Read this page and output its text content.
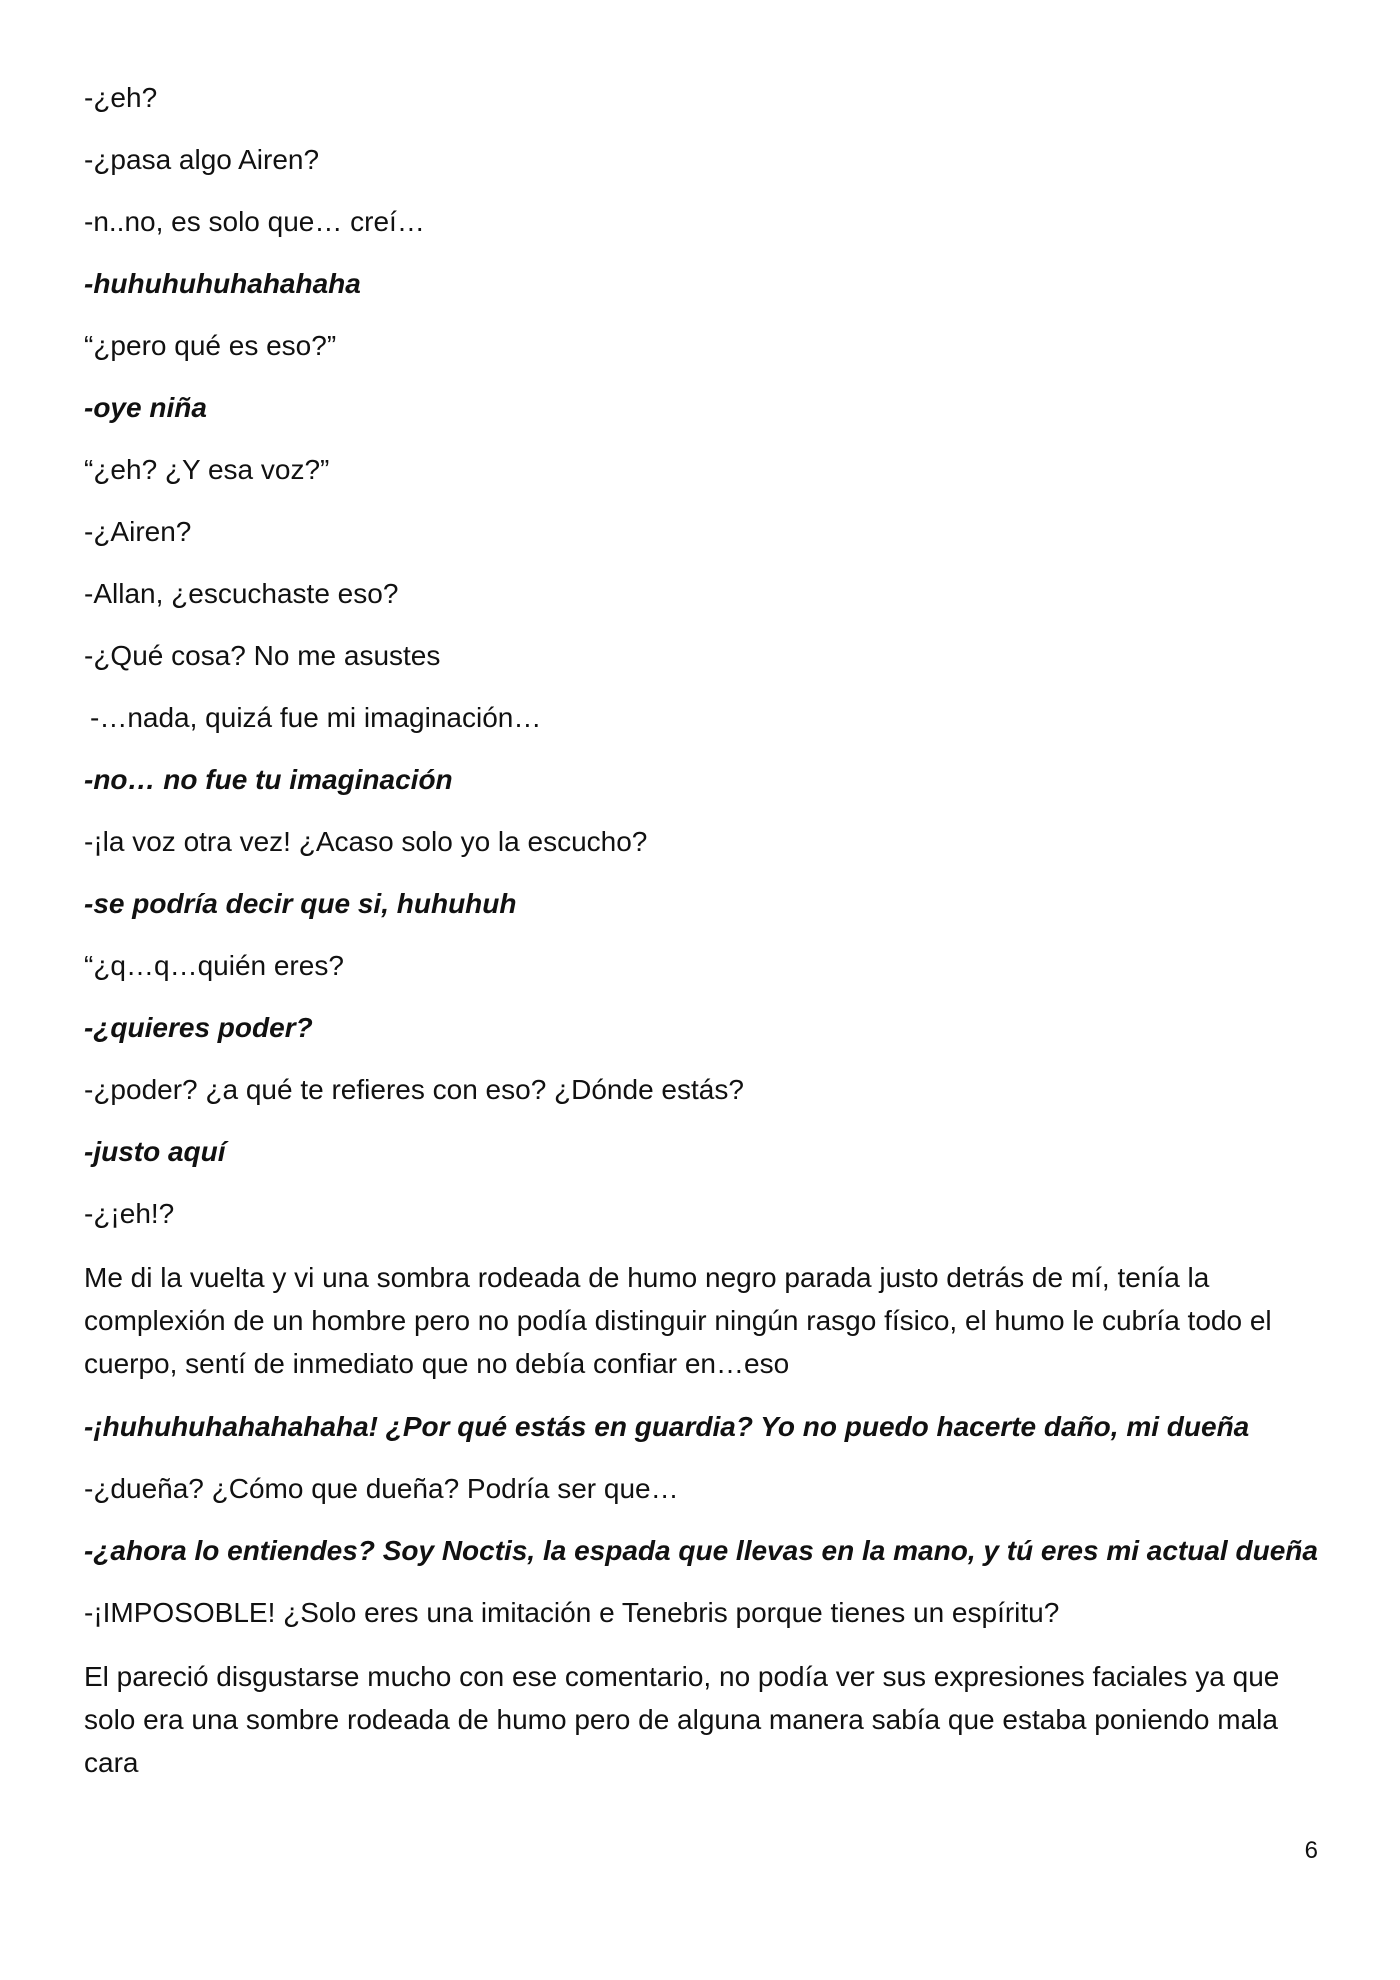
-¿eh?
-¿pasa algo Airen?
-n..no, es solo que… creí…
-huhuhuhuhahahaha
“¿pero qué es eso?”
-oye niña
“¿eh? ¿Y esa voz?”
-¿Airen?
-Allan, ¿escuchaste eso?
-¿Qué cosa? No me asustes
-…nada, quizá fue mi imaginación…
-no… no fue tu imaginación
-¡la voz otra vez! ¿Acaso solo yo la escucho?
-se podría decir que si, huhuhuh
“¿q…q…quién eres?
-¿quieres poder?
-¿poder? ¿a qué te refieres con eso? ¿Dónde estás?
-justo aquí
-¿¡eh!?
Me di la vuelta y vi una sombra rodeada de humo negro parada justo detrás de mí, tenía la complexión de un hombre pero no podía distinguir ningún rasgo físico, el humo le cubría todo el cuerpo, sentí de inmediato que no debía confiar en…eso
-¡huhuhuhahahahaha! ¿Por qué estás en guardia? Yo no puedo hacerte daño, mi dueña
-¿dueña? ¿Cómo que dueña? Podría ser que…
-¿ahora lo entiendes? Soy Noctis, la espada que llevas en la mano, y tú eres mi actual dueña
-¡IMPOSOBLE! ¿Solo eres una imitación e Tenebris porque tienes un espíritu?
El pareció disgustarse mucho con ese comentario, no podía ver sus expresiones faciales ya que solo era una sombre rodeada de humo pero de alguna manera sabía que estaba poniendo mala cara
6
